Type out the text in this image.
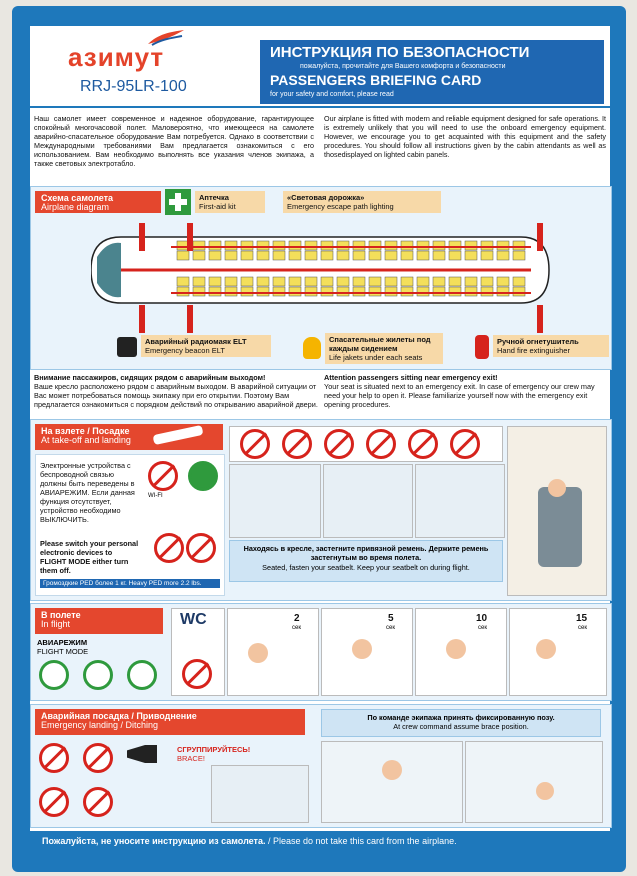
азимут
RRJ-95LR-100
ИНСТРУКЦИЯ ПО БЕЗОПАСНОСТИ
пожалуйста, прочитайте для Вашего комфорта и безопасности
PASSENGERS BRIEFING CARD
for your safety and comfort, please read
Наш самолет имеет современное и надежное оборудование, гарантирующее спокойный многочасовой полет. Маловероятно, что имеющееся на самолете аварийно-спасательное оборудование Вам потребуется. Однако в соответствии с Международными требованиями Вам предлагается ознакомиться с его использованием. Вам необходимо выполнять все указания членов экипажа, а также световых электротабло.
Our airplane is fitted with modern and reliable equipment designed for safe operations. It is extremely unlikely that you will need to use the onboard emergency equipment. However, we encourage you to get acquainted with this equipment and the safety procedures. You should follow all instructions given by the cabin attendants as well as thosedisplayed on lighted cabin panels.
Схема самолета
Airplane diagram
Аптечка
First-aid kit
«Световая дорожка»
Emergency escape path lighting
Аварийный радиомаяк ELT
Emergency beacon ELT
Спасательные жилеты под каждым сидением
Life jakets under each seats
Ручной огнетушитель
Hand fire extinguisher
Внимание пассажиров, сидящих рядом с аварийным выходом!
Ваше кресло расположено рядом с аварийным выходом. В аварийной ситуации от Вас может потребоваться помощь экипажу при его открытии. Поэтому Вам предлагается ознакомиться с порядком действий по открыванию аварийной двери.
Attention passengers sitting near emergency exit!
Your seat is situated next to an emergency exit. In case of emergency our crew may need your help to open it. Please familiarize yourself now with the emergency exit opening procedures.
На взлете / Посадке
At take-off and landing
Электронные устройства с беспроводной связью должны быть переведены в АВИАРЕЖИМ. Если данная функция отсутствует, устройство необходимо ВЫКЛЮЧИТЬ.
Please switch your personal electronic devices to FLIGHT MODE either turn them off.
WI-FI
Громоздкие PED более 1 кг. Heavy PED more 2.2 lbs.
Находясь в кресле, застегните привязной ремень. Держите ремень застегнутым во время полета.
Seated, fasten your seatbelt. Keep your seatbelt on during flight.
В полете
In flight
АВИАРЕЖИМ
FLIGHT MODE
WC	2
сек
5
сек
10
сек
15
сек
Аварийная посадка / Приводнение
Emergency landing / Ditching
СГРУППИРУЙТЕСЬ!
BRACE!
По команде экипажа принять фиксированную позу.
At crew command assume brace position.
Пожалуйста, не уносите инструкцию из самолета. / Please do not take this card from the airplane.
